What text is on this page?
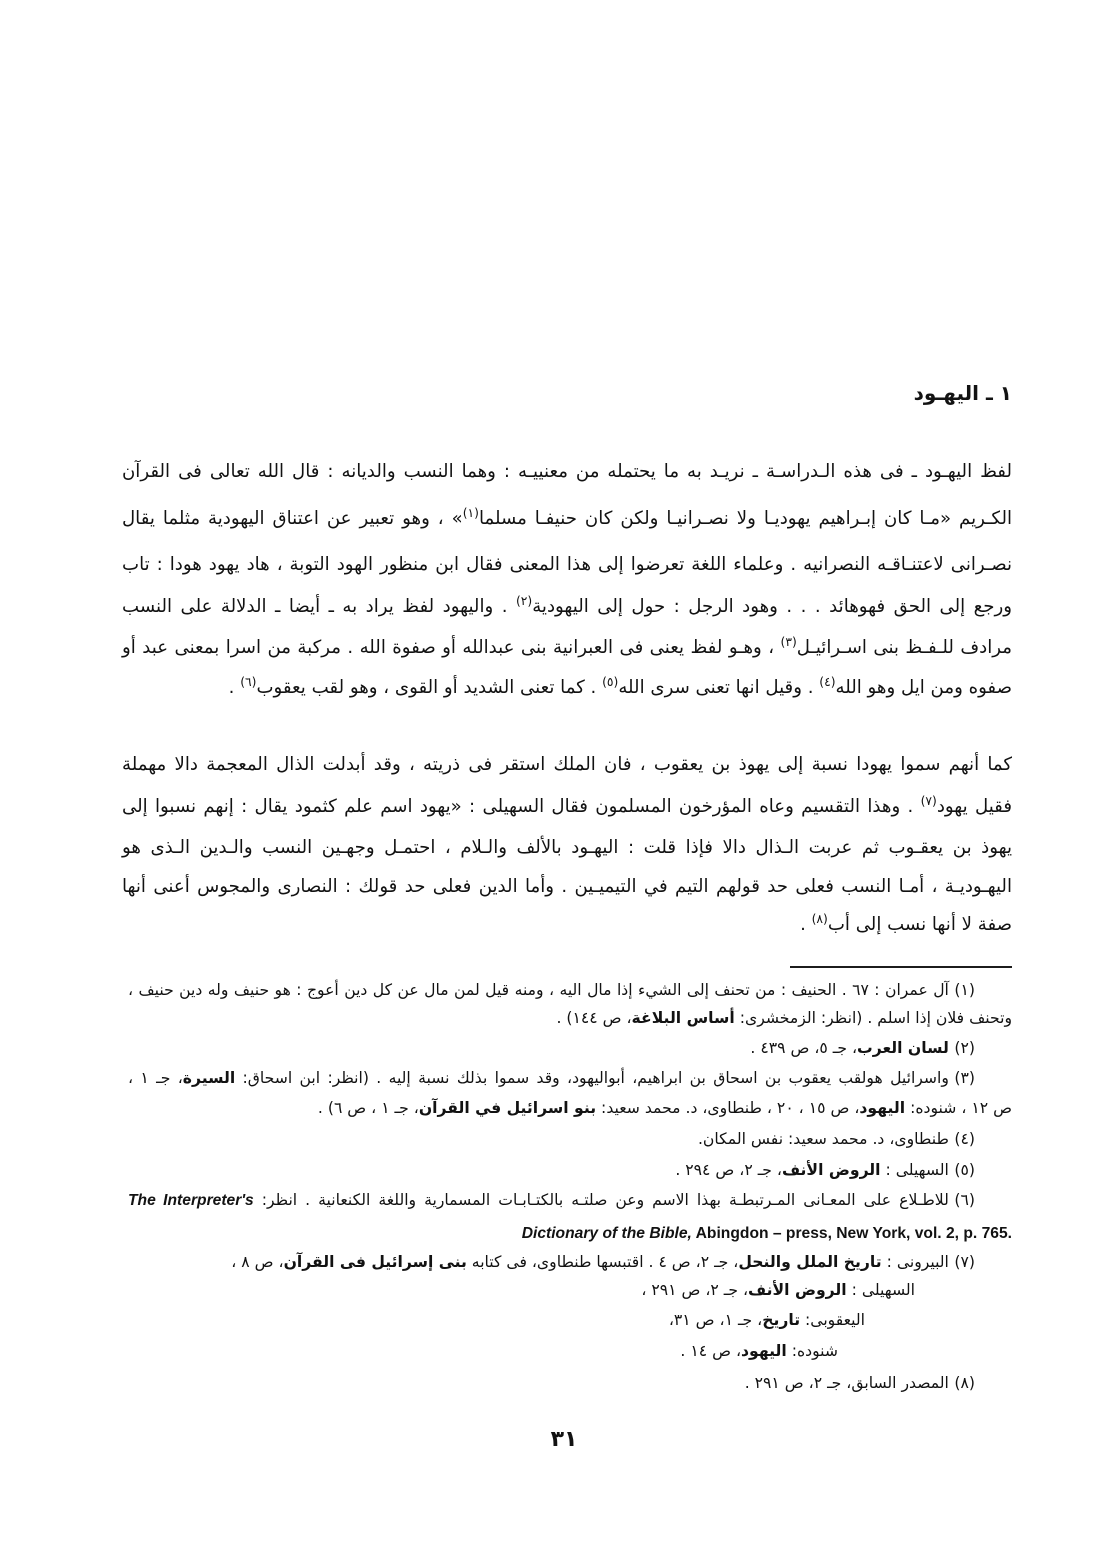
١ ـ اليهـود
لفظ اليهـود ـ فى هذه الـدراسـة ـ نريـد به ما يحتمله من معنييـه : وهما النسب والديانه : قال الله تعالى فى القرآن
الكـريم «مـا كان إبـراهيم يهوديـا ولا نصـرانيـا ولكن كان حنيفـا مسلما$^{(١)}$» ، وهو تعبير عن اعتناق اليهودية مثلما يقال
نصـرانى لاعتنـاقـه النصرانيه . وعلماء اللغة تعرضوا إلى هذا المعنى فقال ابن منظور الهود التوبة ، هاد يهود هودا : تاب
ورجع إلى الحق فهوهائد . . . وهود الرجل : حول إلى اليهودية$^{(٢)}$ . واليهود لفظ يراد به ـ أيضا ـ الدلالة على النسب
مرادف للـفـظ بنى اسـرائيـل$^{(٣)}$ ، وهـو لفظ يعنى فى العبرانية بنى عبدالله أو صفوة الله . مركبة من اسرا بمعنى عبد أو
صفوه ومن ايل وهو الله$^{(٤)}$ . وقيل انها تعنى سرى الله$^{(٥)}$ . كما تعنى الشديد أو القوى ، وهو لقب يعقوب$^{(٦)}$ .
كما أنهم سموا يهودا نسبة إلى يهوذ بن يعقوب ، فان الملك استقر فى ذريته ، وقد أبدلت الذال المعجمة دالا مهملة
فقيل يهود$^{(٧)}$ . وهذا التقسيم وعاه المؤرخون المسلمون فقال السهيلى : «يهود اسم علم كثمود يقال : إنهم نسبوا إلى
يهوذ بن يعقـوب ثم عربت الـذال دالا فإذا قلت : اليهـود بالألف والـلام ، احتمـل وجهـين النسب والـدين الـذى هو
اليهـوديـة ، أمـا النسب فعلى حد قولهم التيم في التيميـين . وأما الدين فعلى حد قولك : النصارى والمجوس أعنى أنها
صفة لا أنها نسب إلى أب$^{(٨)}$ .
(١)آل عمران : ٦٧ . الحنيف : من تحنف إلى الشيء إذا مال اليه ، ومنه قيل لمن مال عن كل دين أعوج : هو حنيف وله دين حنيف ،
وتحنف فلان إذا اسلم . (انظر: الزمخشرى: أساس البلاغة، ص ١٤٤) .
(٢)لسان العرب، جـ ٥، ص ٤٣٩ .
(٣)واسرائيل هولقب يعقوب بن اسحاق بن ابراهيم، أبواليهود، وقد سموا بذلك نسبة إليه . (انظر: ابن اسحاق: السيرة، جـ ١ ،
ص ١٢ ، شنوده: اليهود، ص ١٥ ، ٢٠ ، طنطاوى، د. محمد سعيد: بنو اسرائيل في القرآن، جـ ١ ، ص ٦) .
(٤)طنطاوى، د. محمد سعيد: نفس المكان.
(٥)السهيلى : الروض الأنف، جـ ٢، ص ٢٩٤ .
(٦)للاطـلاع على المعـانى المـرتبطـة بهذا الاسم وعن صلتـه بالكتـابـات المسمارية واللغة الكنعانية . انظر: The Interpreter's
Dictionary of the Bible, Abingdon – press, New York, vol. 2, p. 765.
(٧)البيرونى : تاريخ الملل والنحل، جـ ٢، ص ٤ . اقتبسها طنطاوى، فى كتابه بنى إسرائيل فى القرآن، ص ٨ ،
السهيلى : الروض الأنف، جـ ٢، ص ٢٩١ ،
اليعقوبى: تاريخ، جـ ١، ص ٣١،
شنوده: اليهود، ص ١٤ .
(٨)المصدر السابق، جـ ٢، ص ٢٩١ .
٣١
